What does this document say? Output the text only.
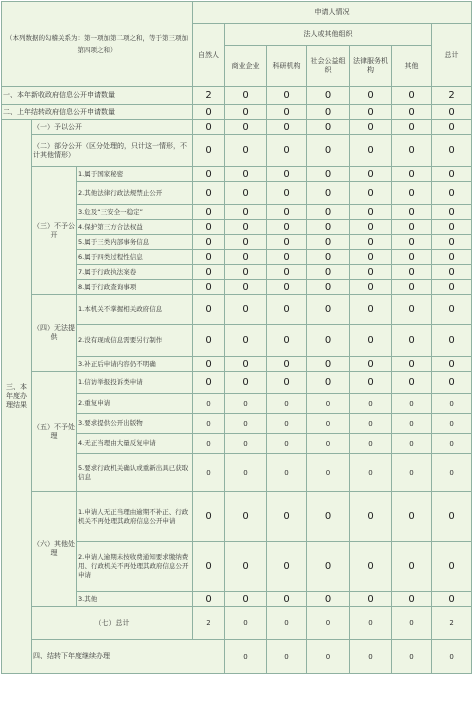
（本列数据的勾稽关系为：第一项加第二项之和，等于第三项加第四项之和）			申请人情况							
			自然人	法人或其他组织					总计	
				商业企业	科研机构	社会公益组织	法律服务机构	其他		
一、本年新收政府信息公开申请数量			2	0	0	0	0	0	2	
二、上年结转政府信息公开申请数量			0	0	0	0	0	0	0	
三、本年度办理结果	（一）予以公开		0	0	0	0	0	0	0	
	（二）部分公开（区分处理的，只计这一情形，不计其他情形）		0	0	0	0	0	0	0	
	（三）不予公开	1.属于国家秘密	0	0	0	0	0	0	0	
		2.其他法律行政法规禁止公开	0	0	0	0	0	0	0	
		3.危及“三安全一稳定”	0	0	0	0	0	0	0	
		4.保护第三方合法权益	0	0	0	0	0	0	0	
		5.属于三类内部事务信息	0	0	0	0	0	0	0	
		6.属于四类过程性信息	0	0	0	0	0	0	0	
		7.属于行政执法案卷	0	0	0	0	0	0	0	
		8.属于行政查询事项	0	0	0	0	0	0	0	
	（四）无法提供	1.本机关不掌握相关政府信息	0	0	0	0	0	0	0	
		2.没有现成信息需要另行制作	0	0	0	0	0	0	0	
		3.补正后申请内容仍不明确	0	0	0	0	0	0	0	
	（五）不予处理	1.信访举报投诉类申请	0	0	0	0	0	0	0	
		2.重复申请	0	0	0	0	0	0	0	
		3.要求提供公开出版物	0	0	0	0	0	0	0	
		4.无正当理由大量反复申请	0	0	0	0	0	0	0	
		5.要求行政机关确认或重新出具已获取信息	0	0	0	0	0	0	0	
	（六）其他处理	1.申请人无正当理由逾期不补正、行政机关不再处理其政府信息公开申请	0	0	0	0	0	0	0	
		2.申请人逾期未按收费通知要求缴纳费用、行政机关不再处理其政府信息公开申请	0	0	0	0	0	0	0	
		3.其他	0	0	0	0	0	0	0	
	（七）总计		2	0	0	0	0	0	2	
	四、结转下年度继续办理			0	0	0	0	0	0	
